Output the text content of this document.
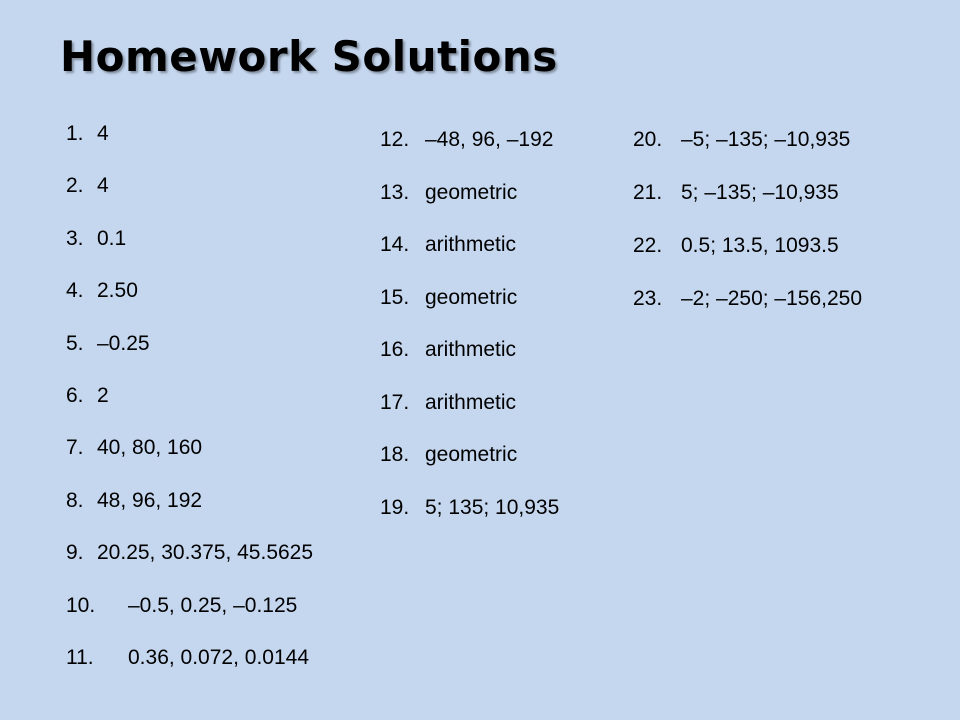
Homework Solutions
1. 4
2. 4
3. 0.1
4. 2.50
5. –0.25
6. 2
7. 40, 80, 160
8. 48, 96, 192
9. 20.25, 30.375, 45.5625
10. –0.5, 0.25, –0.125
11. 0.36, 0.072, 0.0144
12. –48, 96, –192
13. geometric
14. arithmetic
15. geometric
16. arithmetic
17. arithmetic
18. geometric
19. 5; 135; 10,935
20. –5; –135; –10,935
21. 5; –135; –10,935
22. 0.5; 13.5, 1093.5
23. –2; –250; –156,250
